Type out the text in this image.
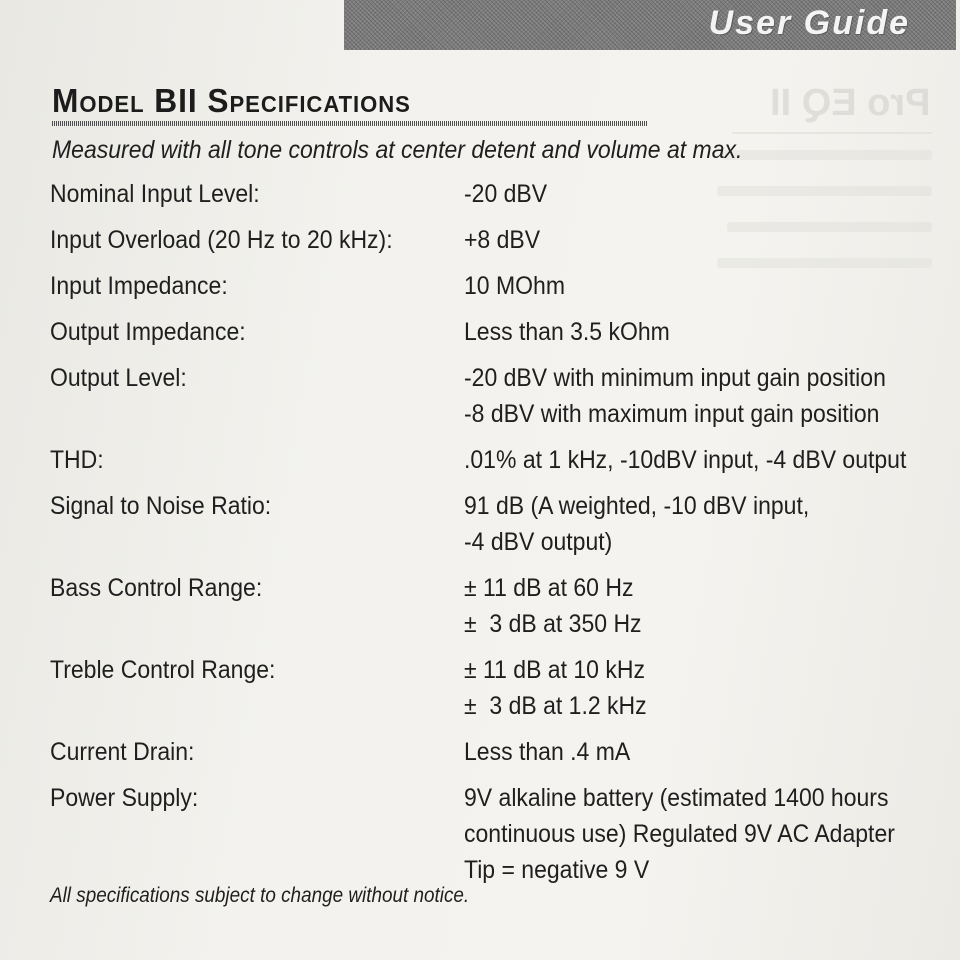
Pro EQ II
User Guide
Model BII Specifications
Measured with all tone controls at center detent and volume at max.
Nominal Input Level:	-20 dBV
Input Overload (20 Hz to 20 kHz):	+8 dBV
Input Impedance:	10 MOhm
Output Impedance:	Less than 3.5 kOhm
Output Level:	-20 dBV with minimum input gain position
-8 dBV with maximum input gain position
THD:	.01% at 1 kHz, -10dBV input, -4 dBV output
Signal to Noise Ratio:	91 dB (A weighted, -10 dBV input,
-4 dBV output)
Bass Control Range:	± 11 dB at 60 Hz
±  3 dB at 350 Hz
Treble Control Range:	± 11 dB at 10 kHz
±  3 dB at 1.2 kHz
Current Drain:	Less than .4 mA
Power Supply:	9V alkaline battery (estimated 1400 hours
continuous use) Regulated 9V AC Adapter
Tip = negative 9 V
All specifications subject to change without notice.
